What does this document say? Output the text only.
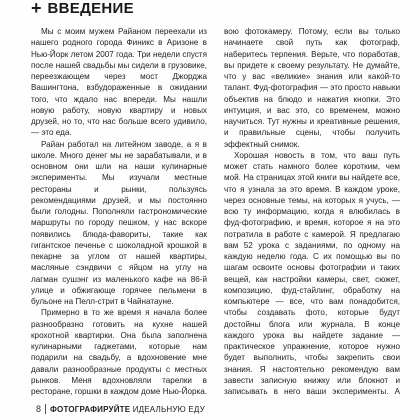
+ ВВЕДЕНИЕ

Мы с моим мужем Райаном переехали из нашего родного города Финикс в Аризоне в Нью-Йорк летом 2007 года. Три недели спустя после нашей свадьбы мы сидели в грузовике, переезжающем через мост Джорджа Вашингтона, взбудораженные в ожидании того, что ждало нас впереди. Мы нашли новую работу, новую квартиру и новых друзей, но то, что нас больше всего удивило, — это еда.

Райан работал на литейном заводе, а я в школе. Много денег мы не зарабатывали, и в основном они шли на наши кулинарные эксперименты. Мы изучали местные рестораны и рынки, пользуясь рекомендациями друзей, и мы постоянно были голодны. Пополняли гастрономические маршруты по городу пешком, у нас вскоре появились блюда-фавориты, такие как гигантское печенье с шоколадной крошкой в пекарне за углом от нашей квартиры, масляные сэндвичи с яйцом на углу на лагман сушэнг из маленького кафе на 86-й улице и обжигающе горячее пельмени в бульоне на Пелл-стрит в Чайнатауне.

Примерно в то же время я начала более разнообразно готовить на кухне нашей крохотной квартирки. Она была заполнена кулинарными гаджетами, которые нам подарили на свадьбу, а вдохновение мне давали разнообразные продукты с местных рынков. Меня вдохновляли тарелки в ресторане, горшки в каждом доме Нью-Йорка.

вою фотокамеру. Потому, если вы только начинаете свой путь как фотограф, наберитесь терпения. Верьте, что поработав, вы придете к своему результату. Не думайте, что у вас «великие» знания или какой-то талант. Фуд-фотография — это просто навыки объектив на блюдо и нажатия кнопки. Это интуиция, и вас это, со временем, можно научиться. Тут нужны и креативные решения, и правильные сцены, чтобы получить эффектный снимок.

Хорошая новость в том, что ваш путь может стать намного более коротким, чем мой. На страницах этой книги вы найдете все, что я узнала за это время. В каждом уроке, через основные темы, на которых я учусь, — всю ту информацию, когда я влюбилась в фуд-фотографию, и время, которое я на это потратила в работе с камерой. Я предлагаю вам 52 урока с заданиями, по одному на каждую неделю года. С их помощью вы по шагам освоите основы фотографии и таких вещей, как настройки камеры, свет, сюжет, композицию, фуд-стайлинг, обработку на компьютере — все, что вам понадобится, чтобы создавать фото, которые будут достойны блога или журнала. В конце каждого урока вы найдете задание — практическое упражнение, которое нужно будет выполнить, чтобы закрепить свои знания. Я настоятельно рекомендую вам завести записную книжку или блокнот и записывать в него ваши эксперименты. А

8 ФОТОГРАФИРУЙТЕ ИДЕАЛЬНУЮ ЕДУ
